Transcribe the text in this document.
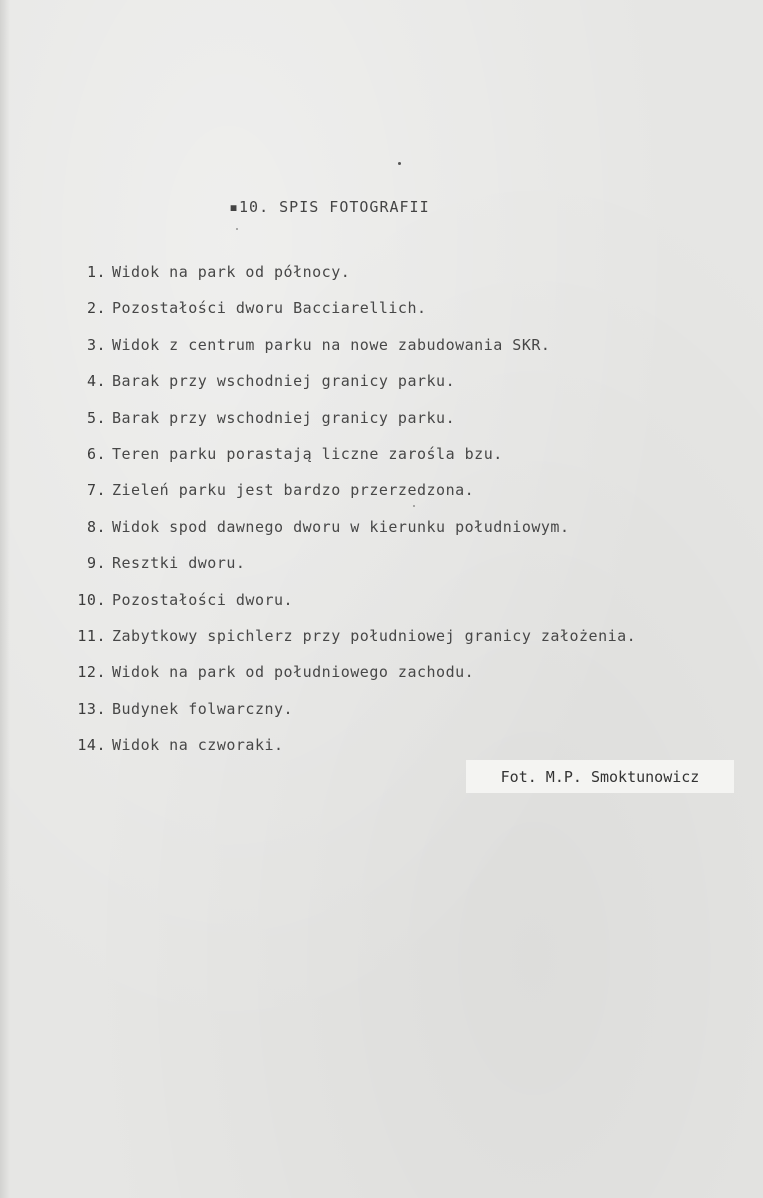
▪10. SPIS FOTOGRAFII
1. Widok na park od północy.
2. Pozostałości dworu Bacciarellich.
3. Widok z centrum parku na nowe zabudowania SKR.
4. Barak przy wschodniej granicy parku.
5. Barak przy wschodniej granicy parku.
6. Teren parku porastają liczne zarośla bzu.
7. Zieleń parku jest bardzo przerzedzona.
8. Widok spod dawnego dworu w kierunku południowym.
9. Resztki dworu.
10. Pozostałości dworu.
11. Zabytkowy spichlerz przy południowej granicy założenia.
12. Widok na park od południowego zachodu.
13. Budynek folwarczny.
14. Widok na czworaki.
Fot. M.P. Smoktunowicz
